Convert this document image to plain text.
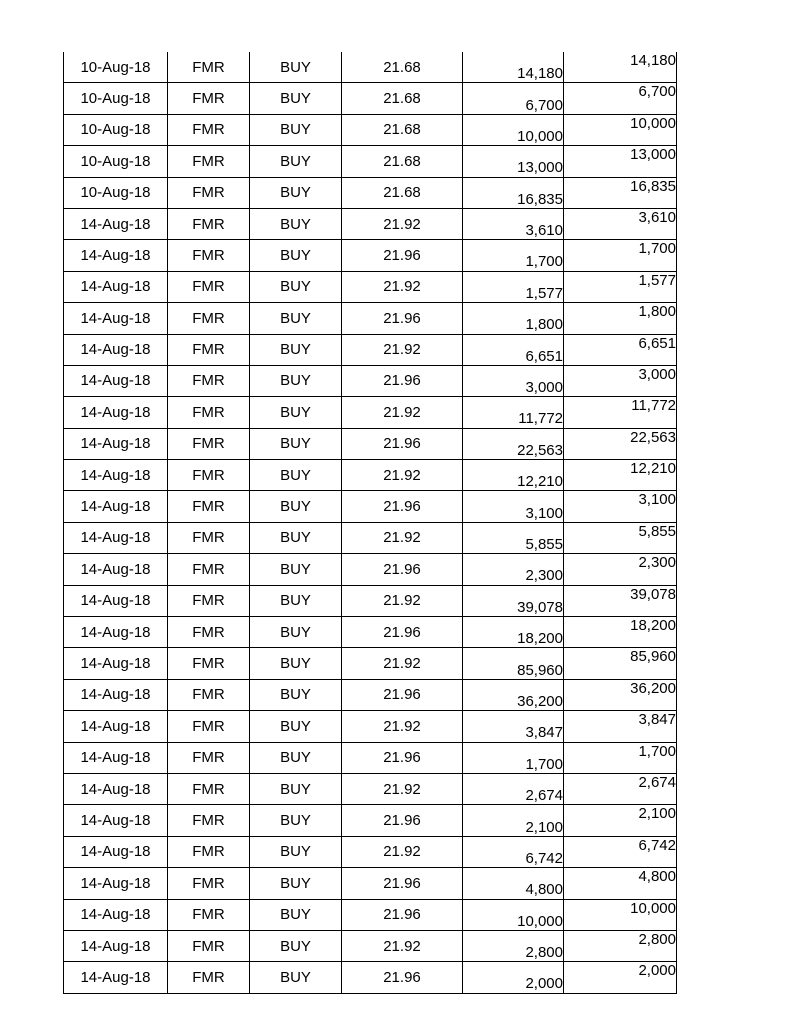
10-Aug-18	FMR	BUY	21.68	14,180	14,180
10-Aug-18	FMR	BUY	21.68	6,700	6,700
10-Aug-18	FMR	BUY	21.68	10,000	10,000
10-Aug-18	FMR	BUY	21.68	13,000	13,000
10-Aug-18	FMR	BUY	21.68	16,835	16,835
14-Aug-18	FMR	BUY	21.92	3,610	3,610
14-Aug-18	FMR	BUY	21.96	1,700	1,700
14-Aug-18	FMR	BUY	21.92	1,577	1,577
14-Aug-18	FMR	BUY	21.96	1,800	1,800
14-Aug-18	FMR	BUY	21.92	6,651	6,651
14-Aug-18	FMR	BUY	21.96	3,000	3,000
14-Aug-18	FMR	BUY	21.92	11,772	11,772
14-Aug-18	FMR	BUY	21.96	22,563	22,563
14-Aug-18	FMR	BUY	21.92	12,210	12,210
14-Aug-18	FMR	BUY	21.96	3,100	3,100
14-Aug-18	FMR	BUY	21.92	5,855	5,855
14-Aug-18	FMR	BUY	21.96	2,300	2,300
14-Aug-18	FMR	BUY	21.92	39,078	39,078
14-Aug-18	FMR	BUY	21.96	18,200	18,200
14-Aug-18	FMR	BUY	21.92	85,960	85,960
14-Aug-18	FMR	BUY	21.96	36,200	36,200
14-Aug-18	FMR	BUY	21.92	3,847	3,847
14-Aug-18	FMR	BUY	21.96	1,700	1,700
14-Aug-18	FMR	BUY	21.92	2,674	2,674
14-Aug-18	FMR	BUY	21.96	2,100	2,100
14-Aug-18	FMR	BUY	21.92	6,742	6,742
14-Aug-18	FMR	BUY	21.96	4,800	4,800
14-Aug-18	FMR	BUY	21.96	10,000	10,000
14-Aug-18	FMR	BUY	21.92	2,800	2,800
14-Aug-18	FMR	BUY	21.96	2,000	2,000
